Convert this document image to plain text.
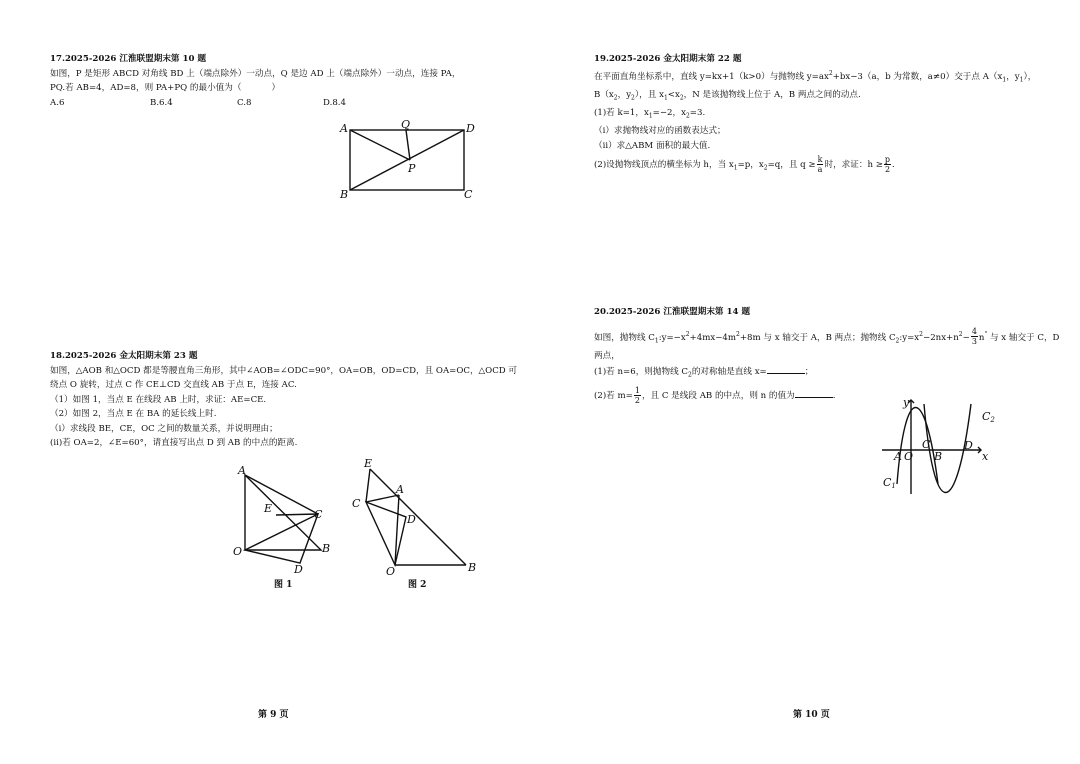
17.2025-2026 江淮联盟期末第 10 题
如图，P 是矩形 ABCD 对角线 BD 上（端点除外）一动点，Q 是边 AD 上（端点除外）一动点，连接 PA，
PQ.若 AB=4，AD=8，则 PA+PQ 的最小值为（	）
A.6	B.6.4	C.8	D.8.4
A	Q	D
P
B	C
18.2025-2026 金太阳期末第 23 题
如图，△AOB 和△OCD 都是等腰直角三角形，其中∠AOB=∠ODC=90°，OA=OB，OD=CD，且 OA=OC，△OCD 可
绕点 O 旋转，过点 C 作 CE⊥CD 交直线 AB 于点 E，连接 AC.
（1）如图 1，当点 E 在线段 AB 上时，求证：AE=CE.
（2）如图 2，当点 E 在 BA 的延长线上时.
（i）求线段 BE，CE，OC 之间的数量关系，并说明理由；
(ii)若 OA=2，∠E=60°，请直接写出点 D 到 AB 的中点的距离.
A
E	C
O	B
D
图 1
E
A
C
D
O	B
图 2
第 9 页
19.2025-2026 金太阳期末第 22 题
在平面直角坐标系中，直线 y=kx+1（k>0）与抛物线 $y=ax^2+bx-3(a$，b 为常数，a≠0）交于点 $A(x_1$，$y_1$），
$B(x_2$，$y_2$），且 $x_1<x_2$，N 是该抛物线上位于 A，B 两点之间的动点.
(1)若 k=1，$x_1=-2$，$x_2=3$.
（i）求抛物线对应的函数表达式；
（ii）求△ABM 面积的最大值.
(2)设抛物线顶点的横坐标为 h，当 $x_1=p$，$x_2=q$，且 $q \ge \frac{k}{a}$ 时，求证：$h \ge \frac{p}{2}$ .
20.2025-2026 江淮联盟期末第 14 题
如图，抛物线 $C_1:y=-x^2+4mx-4m^2+8m$ 与 x 轴交于 A，B 两点；抛物线 $C_2:y=x^2-2nx+n^2- \frac{4}{3} n^"$ 与 x 轴交于 C，D
两点，
(1)若 n=6，则抛物线 $C_2$的对称轴是直线 x=	；
(2)若 $m= \frac{1}{2}$ ，且 C 是线段 AB 的中点，则 n 的值为	.	y
C2
C
A O B
D
x
C1
第 10 页
